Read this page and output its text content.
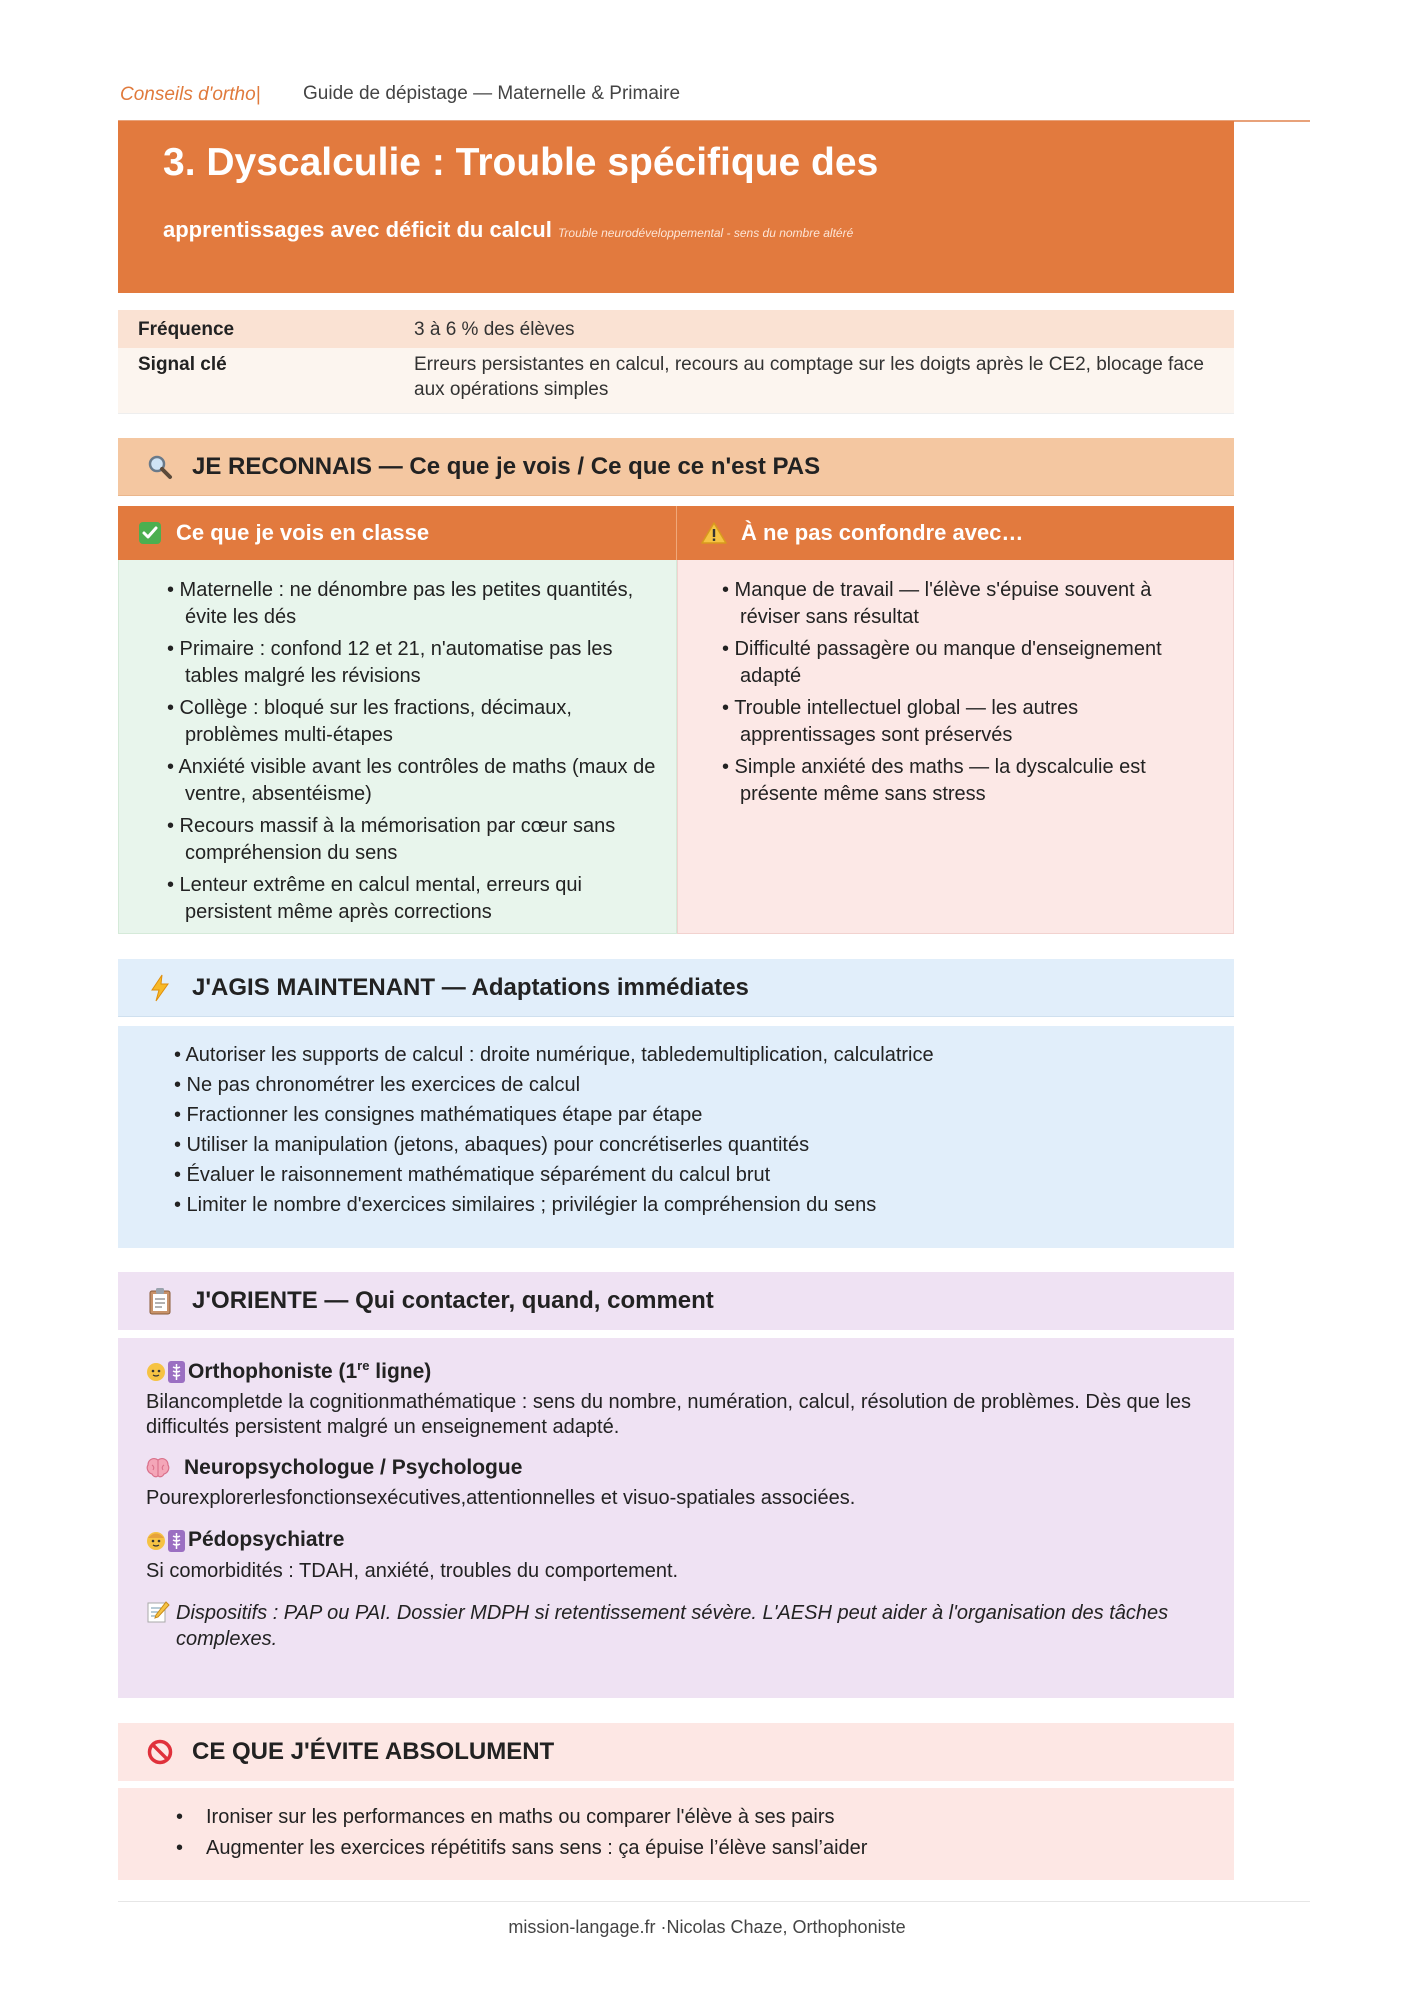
Conseils d'ortho| Guide de dépistage — Maternelle & Primaire
3. Dyscalculie : Trouble spécifique des
apprentissages avec déficit du calcul Trouble neurodéveloppemental - sens du nombre altéré
Fréquence	3 à 6 % des élèves
Signal clé	Erreurs persistantes en calcul, recours au comptage sur les doigts après le CE2, blocage face aux opérations simples
JE RECONNAIS — Ce que je vois / Ce que ce n'est PAS
Ce que je vois en classe	À ne pas confondre avec…
• Maternelle : ne dénombre pas les petites quantités, évite les dés
• Primaire : confond 12 et 21, n'automatise pas les tables malgré les révisions
• Collège : bloqué sur les fractions, décimaux, problèmes multi-étapes
• Anxiété visible avant les contrôles de maths (maux de ventre, absentéisme)
• Recours massif à la mémorisation par cœur sans compréhension du sens
• Lenteur extrême en calcul mental, erreurs qui persistent même après corrections
• Manque de travail — l'élève s'épuise souvent à réviser sans résultat
• Difficulté passagère ou manque d'enseignement adapté
• Trouble intellectuel global — les autres apprentissages sont préservés
• Simple anxiété des maths — la dyscalculie est présente même sans stress
J'AGIS MAINTENANT — Adaptations immédiates
• Autoriser les supports de calcul : droite numérique, tabledemultiplication, calculatrice
• Ne pas chronométrer les exercices de calcul
• Fractionner les consignes mathématiques étape par étape
• Utiliser la manipulation (jetons, abaques) pour concrétiserles quantités
• Évaluer le raisonnement mathématique séparément du calcul brut
• Limiter le nombre d'exercices similaires ; privilégier la compréhension du sens
J'ORIENTE — Qui contacter, quand, comment
Orthophoniste (1re ligne)
Bilancompletde la cognitionmathématique : sens du nombre, numération, calcul, résolution de problèmes. Dès que les difficultés persistent malgré un enseignement adapté.
Neuropsychologue / Psychologue
Pourexplorerlesfonctionsexécutives,attentionnelles et visuo-spatiales associées.
Pédopsychiatre
Si comorbidités : TDAH, anxiété, troubles du comportement.
Dispositifs : PAP ou PAI. Dossier MDPH si retentissement sévère. L'AESH peut aider à l'organisation des tâches complexes.
CE QUE J'ÉVITE ABSOLUMENT
•	Ironiser sur les performances en maths ou comparer l'élève à ses pairs
•	Augmenter les exercices répétitifs sans sens : ça épuise l’élève sansl’aider
mission-langage.fr ·Nicolas Chaze, Orthophoniste
